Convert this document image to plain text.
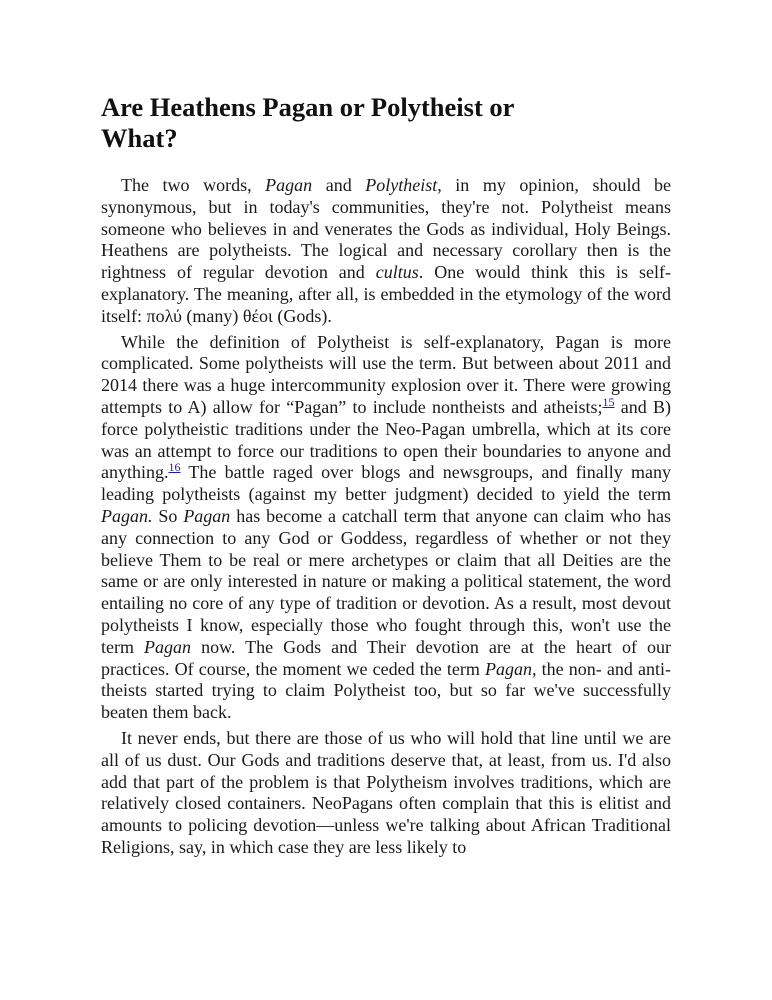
Are Heathens Pagan or Polytheist or What?

The two words, Pagan and Polytheist, in my opinion, should be synonymous, but in today's communities, they're not. Polytheist means someone who believes in and venerates the Gods as individual, Holy Beings. Heathens are polytheists. The logical and necessary corollary then is the rightness of regular devotion and cultus. One would think this is self-explanatory. The meaning, after all, is embedded in the etymology of the word itself: πολύ (many) θέοι (Gods).

While the definition of Polytheist is self-explanatory, Pagan is more complicated. Some polytheists will use the term. But between about 2011 and 2014 there was a huge intercommunity explosion over it. There were growing attempts to A) allow for “Pagan” to include nontheists and atheists;$^{15}$ and B) force polytheistic traditions under the Neo-Pagan umbrella, which at its core was an attempt to force our traditions to open their boundaries to anyone and anything.$^{16}$ The battle raged over blogs and newsgroups, and finally many leading polytheists (against my better judgment) decided to yield the term Pagan. So Pagan has become a catchall term that anyone can claim who has any connection to any God or Goddess, regardless of whether or not they believe Them to be real or mere archetypes or claim that all Deities are the same or are only interested in nature or making a political statement, the word entailing no core of any type of tradition or devotion. As a result, most devout polytheists I know, especially those who fought through this, won't use the term Pagan now. The Gods and Their devotion are at the heart of our practices. Of course, the moment we ceded the term Pagan, the non- and anti-theists started trying to claim Polytheist too, but so far we've successfully beaten them back.

It never ends, but there are those of us who will hold that line until we are all of us dust. Our Gods and traditions deserve that, at least, from us. I'd also add that part of the problem is that Polytheism involves traditions, which are relatively closed containers. NeoPagans often complain that this is elitist and amounts to policing devotion—unless we're talking about African Traditional Religions, say, in which case they are less likely to
